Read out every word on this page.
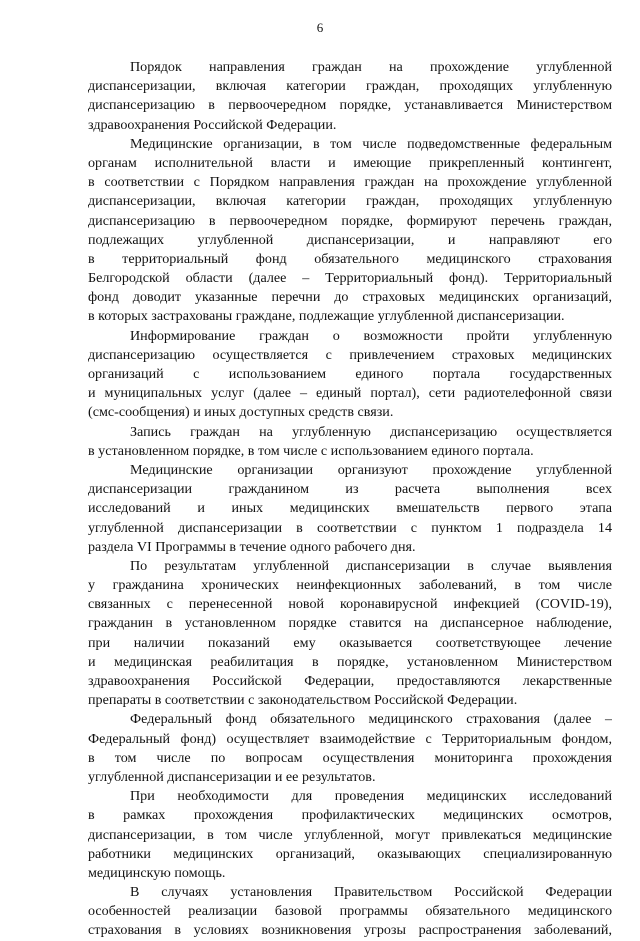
6
Порядок направления граждан на прохождение углубленной
диспансеризации, включая категории граждан, проходящих углубленную
диспансеризацию в первоочередном порядке, устанавливается Министерством
здравоохранения Российской Федерации.
Медицинские организации, в том числе подведомственные федеральным
органам исполнительной власти и имеющие прикрепленный контингент,
в соответствии с Порядком направления граждан на прохождение углубленной
диспансеризации, включая категории граждан, проходящих углубленную
диспансеризацию в первоочередном порядке, формируют перечень граждан,
подлежащих углубленной диспансеризации, и направляют его
в территориальный фонд обязательного медицинского страхования
Белгородской области (далее – Территориальный фонд). Территориальный
фонд доводит указанные перечни до страховых медицинских организаций,
в которых застрахованы граждане, подлежащие углубленной диспансеризации.
Информирование граждан о возможности пройти углубленную
диспансеризацию осуществляется с привлечением страховых медицинских
организаций с использованием единого портала государственных
и муниципальных услуг (далее – единый портал), сети радиотелефонной связи
(смс-сообщения) и иных доступных средств связи.
Запись граждан на углубленную диспансеризацию осуществляется
в установленном порядке, в том числе с использованием единого портала.
Медицинские организации организуют прохождение углубленной
диспансеризации гражданином из расчета выполнения всех
исследований и иных медицинских вмешательств первого этапа
углубленной диспансеризации в соответствии с пунктом 1 подраздела 14
раздела VI Программы в течение одного рабочего дня.
По результатам углубленной диспансеризации в случае выявления
у гражданина хронических неинфекционных заболеваний, в том числе
связанных с перенесенной новой коронавирусной инфекцией (COVID-19),
гражданин в установленном порядке ставится на диспансерное наблюдение,
при наличии показаний ему оказывается соответствующее лечение
и медицинская реабилитация в порядке, установленном Министерством
здравоохранения Российской Федерации, предоставляются лекарственные
препараты в соответствии с законодательством Российской Федерации.
Федеральный фонд обязательного медицинского страхования (далее –
Федеральный фонд) осуществляет взаимодействие с Территориальным фондом,
в том числе по вопросам осуществления мониторинга прохождения
углубленной диспансеризации и ее результатов.
При необходимости для проведения медицинских исследований
в рамках прохождения профилактических медицинских осмотров,
диспансеризации, в том числе углубленной, могут привлекаться медицинские
работники медицинских организаций, оказывающих специализированную
медицинскую помощь.
В случаях установления Правительством Российской Федерации
особенностей реализации базовой программы обязательного медицинского
страхования в условиях возникновения угрозы распространения заболеваний,
